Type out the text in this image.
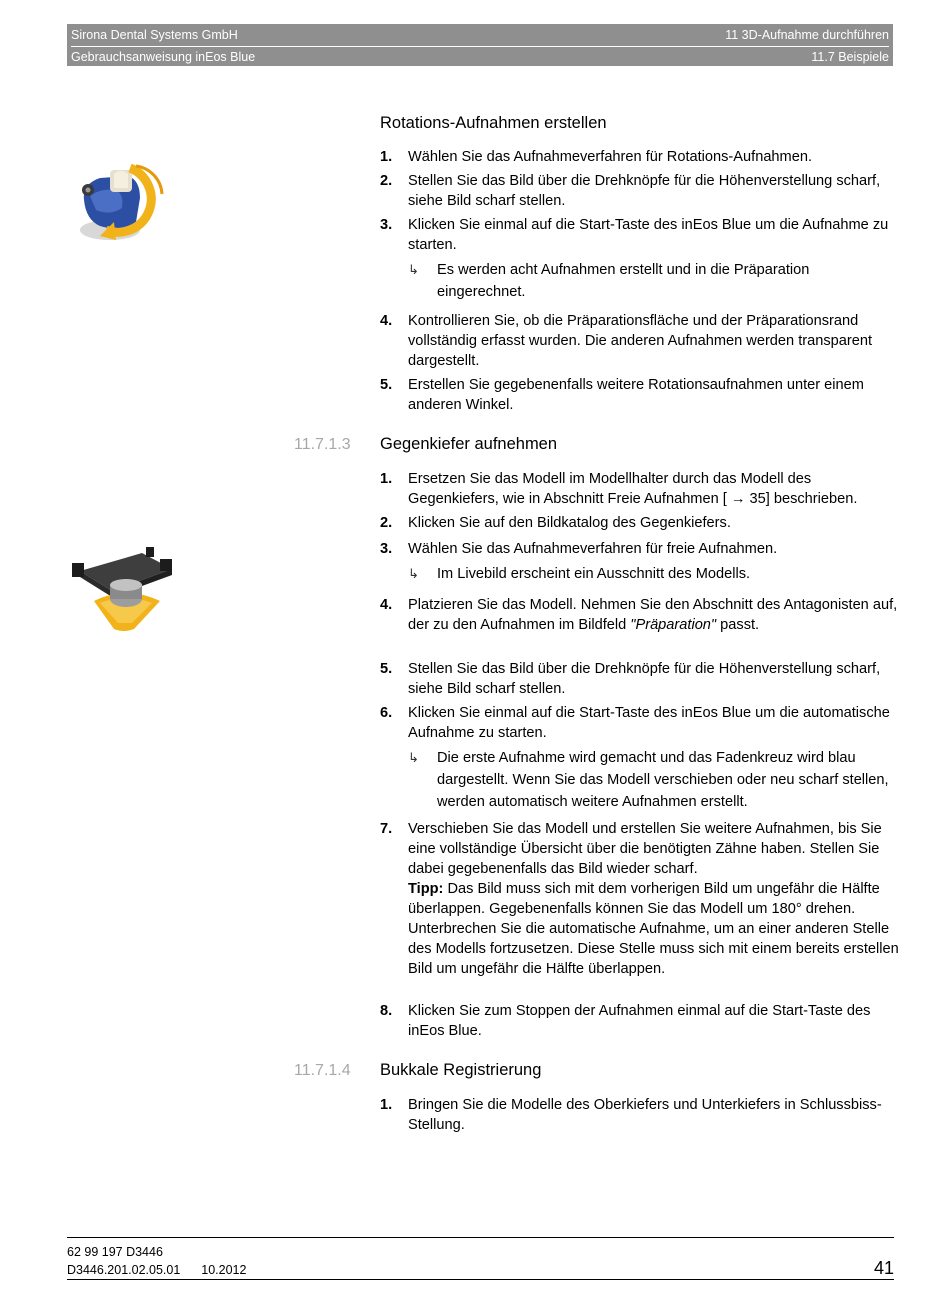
Sirona Dental Systems GmbH	11 3D-Aufnahme durchführen
Gebrauchsanweisung inEos Blue	11.7 Beispiele
Rotations-Aufnahmen erstellen
1. Wählen Sie das Aufnahmeverfahren für Rotations-Aufnahmen.
2. Stellen Sie das Bild über die Drehknöpfe für die Höhenverstellung scharf, siehe Bild scharf stellen.
3. Klicken Sie einmal auf die Start-Taste des inEos Blue um die Aufnahme zu starten.
↳ Es werden acht Aufnahmen erstellt und in die Präparation eingerechnet.
4. Kontrollieren Sie, ob die Präparationsfläche und der Präparationsrand vollständig erfasst wurden. Die anderen Aufnahmen werden transparent dargestellt.
5. Erstellen Sie gegebenenfalls weitere Rotationsaufnahmen unter einem anderen Winkel.
11.7.1.3 Gegenkiefer aufnehmen
1. Ersetzen Sie das Modell im Modellhalter durch das Modell des Gegenkiefers, wie in Abschnitt Freie Aufnahmen [ → 35] beschrieben.
2. Klicken Sie auf den Bildkatalog des Gegenkiefers.
3. Wählen Sie das Aufnahmeverfahren für freie Aufnahmen.
↳ Im Livebild erscheint ein Ausschnitt des Modells.
4. Platzieren Sie das Modell. Nehmen Sie den Abschnitt des Antagonisten auf, der zu den Aufnahmen im Bildfeld "Präparation" passt.
5. Stellen Sie das Bild über die Drehknöpfe für die Höhenverstellung scharf, siehe Bild scharf stellen.
6. Klicken Sie einmal auf die Start-Taste des inEos Blue um die automatische Aufnahme zu starten.
↳ Die erste Aufnahme wird gemacht und das Fadenkreuz wird blau dargestellt. Wenn Sie das Modell verschieben oder neu scharf stellen, werden automatisch weitere Aufnahmen erstellt.
7. Verschieben Sie das Modell und erstellen Sie weitere Aufnahmen, bis Sie eine vollständige Übersicht über die benötigten Zähne haben. Stellen Sie dabei gegebenenfalls das Bild wieder scharf.
Tipp: Das Bild muss sich mit dem vorherigen Bild um ungefähr die Hälfte überlappen. Gegebenenfalls können Sie das Modell um 180° drehen.
Unterbrechen Sie die automatische Aufnahme, um an einer anderen Stelle des Modells fortzusetzen. Diese Stelle muss sich mit einem bereits erstellen Bild um ungefähr die Hälfte überlappen.
8. Klicken Sie zum Stoppen der Aufnahmen einmal auf die Start-Taste des inEos Blue.
11.7.1.4 Bukkale Registrierung
1. Bringen Sie die Modelle des Oberkiefers und Unterkiefers in Schlussbiss-Stellung.
62 99 197 D3446
D3446.201.02.05.01 10.2012	41
